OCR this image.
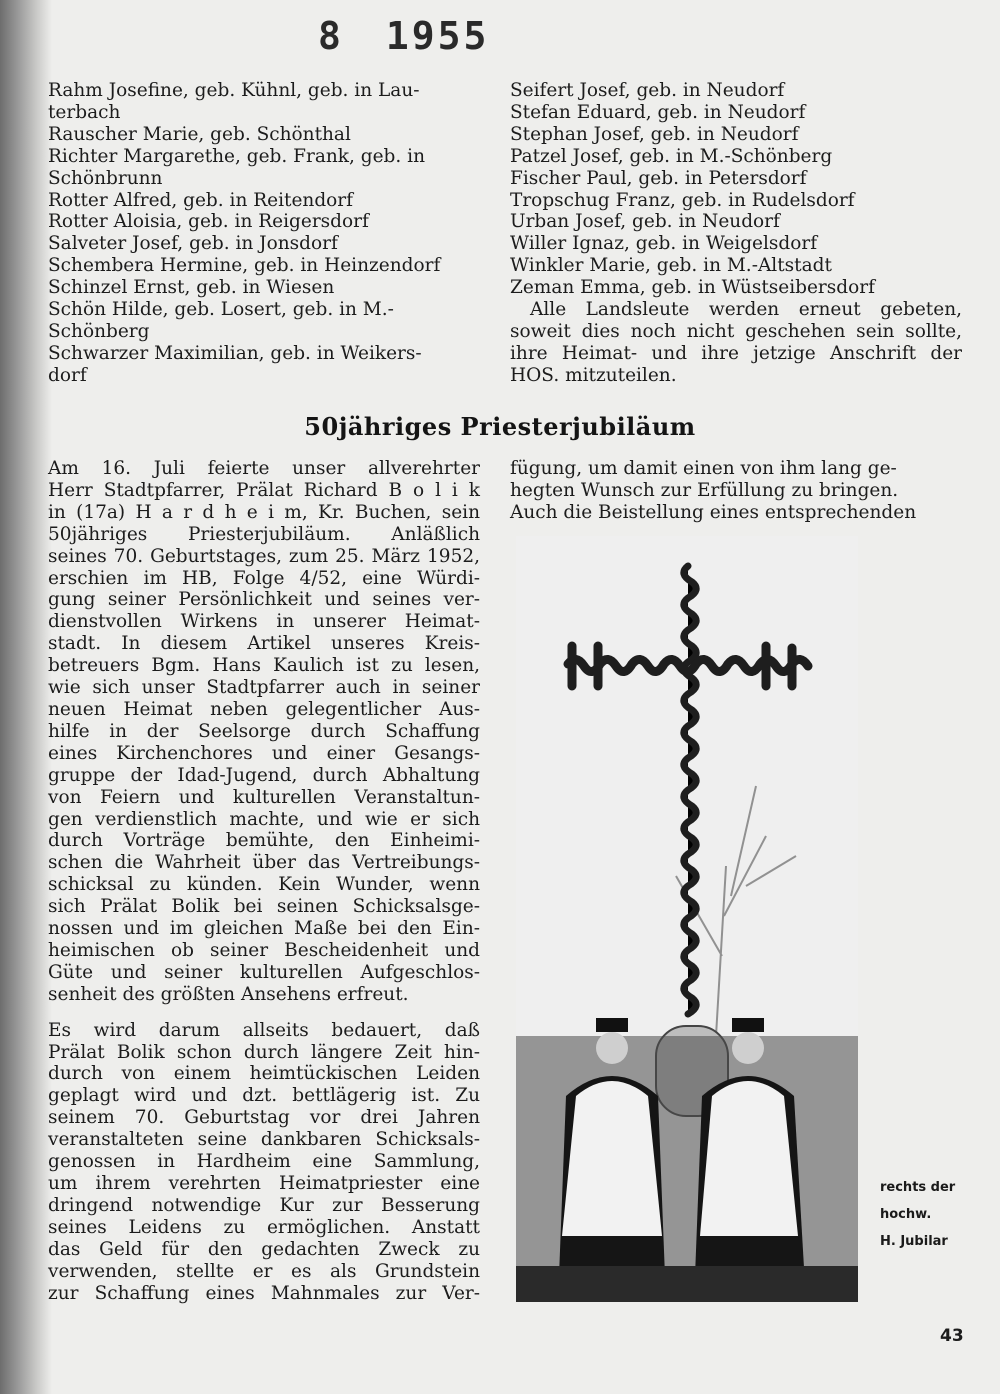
8 1955
Rahm Josefine, geb. Kühnl, geb. in Lau-
terbach
Rauscher Marie, geb. Schönthal
Richter Margarethe, geb. Frank, geb. in
Schönbrunn
Rotter Alfred, geb. in Reitendorf
Rotter Aloisia, geb. in Reigersdorf
Salveter Josef, geb. in Jonsdorf
Schembera Hermine, geb. in Heinzendorf
Schinzel Ernst, geb. in Wiesen
Schön Hilde, geb. Losert, geb. in M.-
Schönberg
Schwarzer Maximilian, geb. in Weikers-
dorf
Seifert Josef, geb. in Neudorf
Stefan Eduard, geb. in Neudorf
Stephan Josef, geb. in Neudorf
Patzel Josef, geb. in M.-Schönberg
Fischer Paul, geb. in Petersdorf
Tropschug Franz, geb. in Rudelsdorf
Urban Josef, geb. in Neudorf
Willer Ignaz, geb. in Weigelsdorf
Winkler Marie, geb. in M.-Altstadt
Zeman Emma, geb. in Wüstseibersdorf
Alle Landsleute werden erneut gebeten, soweit dies noch nicht geschehen sein sollte, ihre Heimat- und ihre jetzige Anschrift der HOS. mitzuteilen.
50jähriges Priesterjubiläum
Am 16. Juli feierte unser allverehrter
Herr Stadtpfarrer, Prälat Richard B o l i k
in (17a) H a r d h e i m, Kr. Buchen, sein
50jähriges Priesterjubiläum. Anläßlich
seines 70. Geburtstages, zum 25. März 1952,
erschien im HB, Folge 4/52, eine Würdi-
gung seiner Persönlichkeit und seines ver-
dienstvollen Wirkens in unserer Heimat-
stadt. In diesem Artikel unseres Kreis-
betreuers Bgm. Hans Kaulich ist zu lesen,
wie sich unser Stadtpfarrer auch in seiner
neuen Heimat neben gelegentlicher Aus-
hilfe in der Seelsorge durch Schaffung
eines Kirchenchores und einer Gesangs-
gruppe der Idad-Jugend, durch Abhaltung
von Feiern und kulturellen Veranstaltun-
gen verdienstlich machte, und wie er sich
durch Vorträge bemühte, den Einheimi-
schen die Wahrheit über das Vertreibungs-
schicksal zu künden. Kein Wunder, wenn
sich Prälat Bolik bei seinen Schicksalsge-
nossen und im gleichen Maße bei den Ein-
heimischen ob seiner Bescheidenheit und
Güte und seiner kulturellen Aufgeschlos-
senheit des größten Ansehens erfreut.
Es wird darum allseits bedauert, daß
Prälat Bolik schon durch längere Zeit hin-
durch von einem heimtückischen Leiden
geplagt wird und dzt. bettlägerig ist. Zu
seinem 70. Geburtstag vor drei Jahren
veranstalteten seine dankbaren Schicksals-
genossen in Hardheim eine Sammlung,
um ihrem verehrten Heimatpriester eine
dringend notwendige Kur zur Besserung
seines Leidens zu ermöglichen. Anstatt
das Geld für den gedachten Zweck zu
verwenden, stellte er es als Grundstein
zur Schaffung eines Mahnmales zur Ver-
fügung, um damit einen von ihm lang ge-
hegten Wunsch zur Erfüllung zu bringen.
Auch die Beistellung eines entsprechenden
rechts der
hochw.
H. Jubilar
43
